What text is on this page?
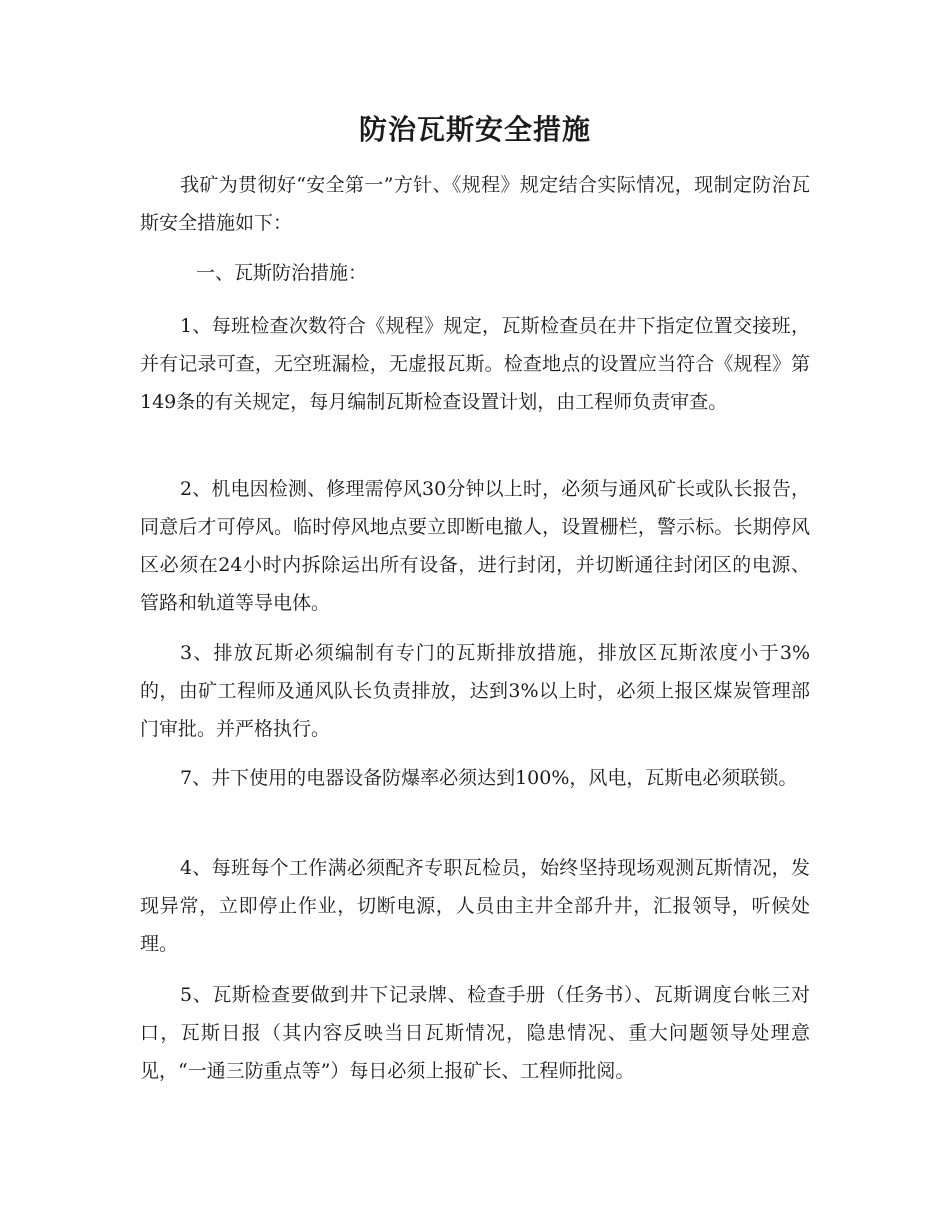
防治瓦斯安全措施
我矿为贯彻好“安全第一”方针、《规程》规定结合实际情况，现制定防治瓦斯安全措施如下：
一、瓦斯防治措施：
1、每班检查次数符合《规程》规定，瓦斯检查员在井下指定位置交接班，并有记录可查，无空班漏检，无虚报瓦斯。检查地点的设置应当符合《规程》第149条的有关规定，每月编制瓦斯检查设置计划，由工程师负责审查。
2、机电因检测、修理需停风30分钟以上时，必须与通风矿长或队长报告，同意后才可停风。临时停风地点要立即断电撤人，设置栅栏，警示标。长期停风区必须在24小时内拆除运出所有设备，进行封闭，并切断通往封闭区的电源、管路和轨道等导电体。
3、排放瓦斯必须编制有专门的瓦斯排放措施，排放区瓦斯浓度小于3%的，由矿工程师及通风队长负责排放，达到3%以上时，必须上报区煤炭管理部门审批。并严格执行。
7、井下使用的电器设备防爆率必须达到100%，风电，瓦斯电必须联锁。
4、每班每个工作满必须配齐专职瓦检员，始终坚持现场观测瓦斯情况，发现异常，立即停止作业，切断电源，人员由主井全部升井，汇报领导，听候处理。
5、瓦斯检查要做到井下记录牌、检查手册（任务书）、瓦斯调度台帐三对口，瓦斯日报（其内容反映当日瓦斯情况，隐患情况、重大问题领导处理意见，“一通三防重点等”）每日必须上报矿长、工程师批阅。
